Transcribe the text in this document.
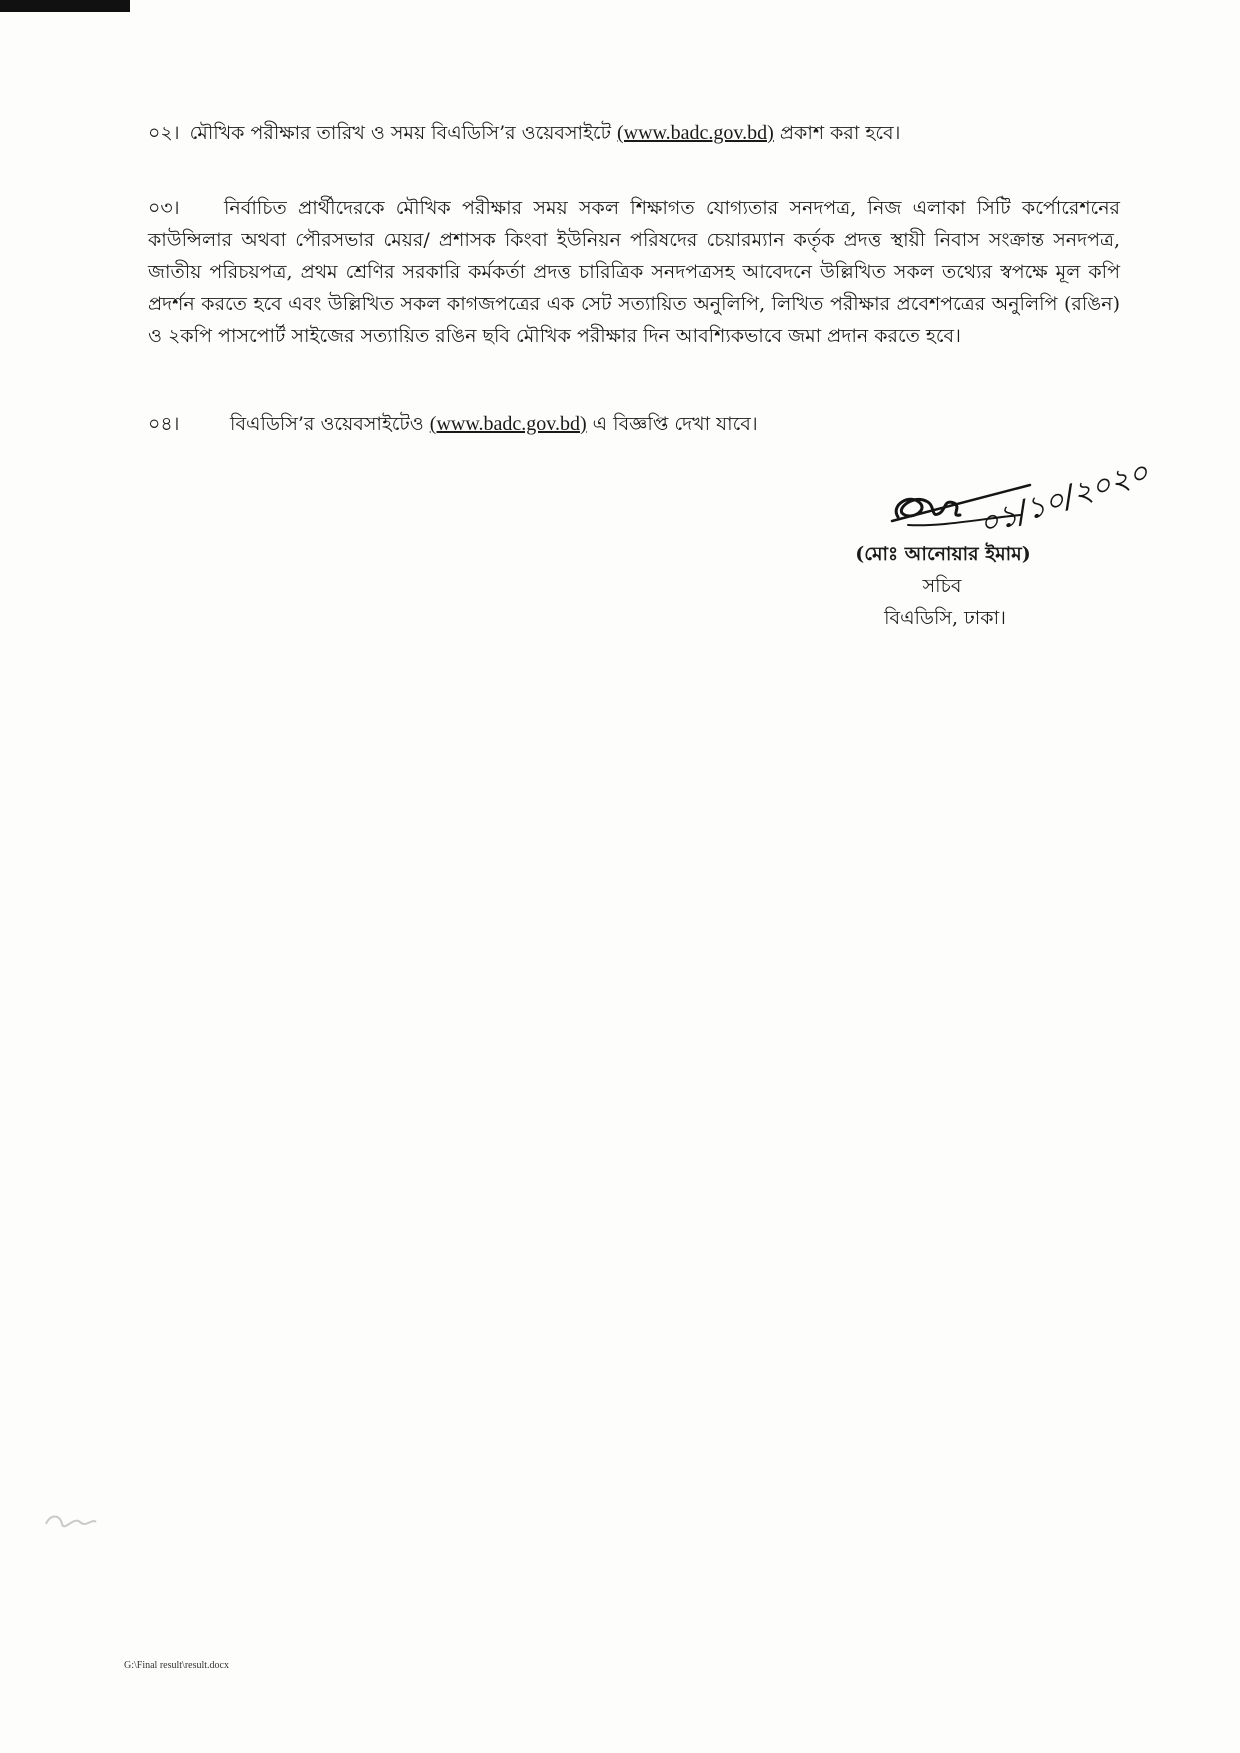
০২। মৌখিক পরীক্ষার তারিখ ও সময় বিএডিসি’র ওয়েবসাইটে (www.badc.gov.bd) প্রকাশ করা হবে।
০৩। নির্বাচিত প্রার্থীদেরকে মৌখিক পরীক্ষার সময় সকল শিক্ষাগত যোগ্যতার সনদপত্র, নিজ এলাকা সিটি কর্পোরেশনের কাউন্সিলার অথবা পৌরসভার মেয়র/ প্রশাসক কিংবা ইউনিয়ন পরিষদের চেয়ারম্যান কর্তৃক প্রদত্ত স্থায়ী নিবাস সংক্রান্ত সনদপত্র, জাতীয় পরিচয়পত্র, প্রথম শ্রেণির সরকারি কর্মকর্তা প্রদত্ত চারিত্রিক সনদপত্রসহ আবেদনে উল্লিখিত সকল তথ্যের স্বপক্ষে মূল কপি প্রদর্শন করতে হবে এবং উল্লিখিত সকল কাগজপত্রের এক সেট সত্যায়িত অনুলিপি, লিখিত পরীক্ষার প্রবেশপত্রের অনুলিপি (রঙিন) ও ২কপি পাসপোর্ট সাইজের সত্যায়িত রঙিন ছবি মৌখিক পরীক্ষার দিন আবশ্যিকভাবে জমা প্রদান করতে হবে।
০৪।	বিএডিসি’র ওয়েবসাইটেও (www.badc.gov.bd) এ বিজ্ঞপ্তি দেখা যাবে।
০১/১০/২০২০
(মোঃ আনোয়ার ইমাম)
সচিব
বিএডিসি, ঢাকা।
G:\Final result\result.docx
